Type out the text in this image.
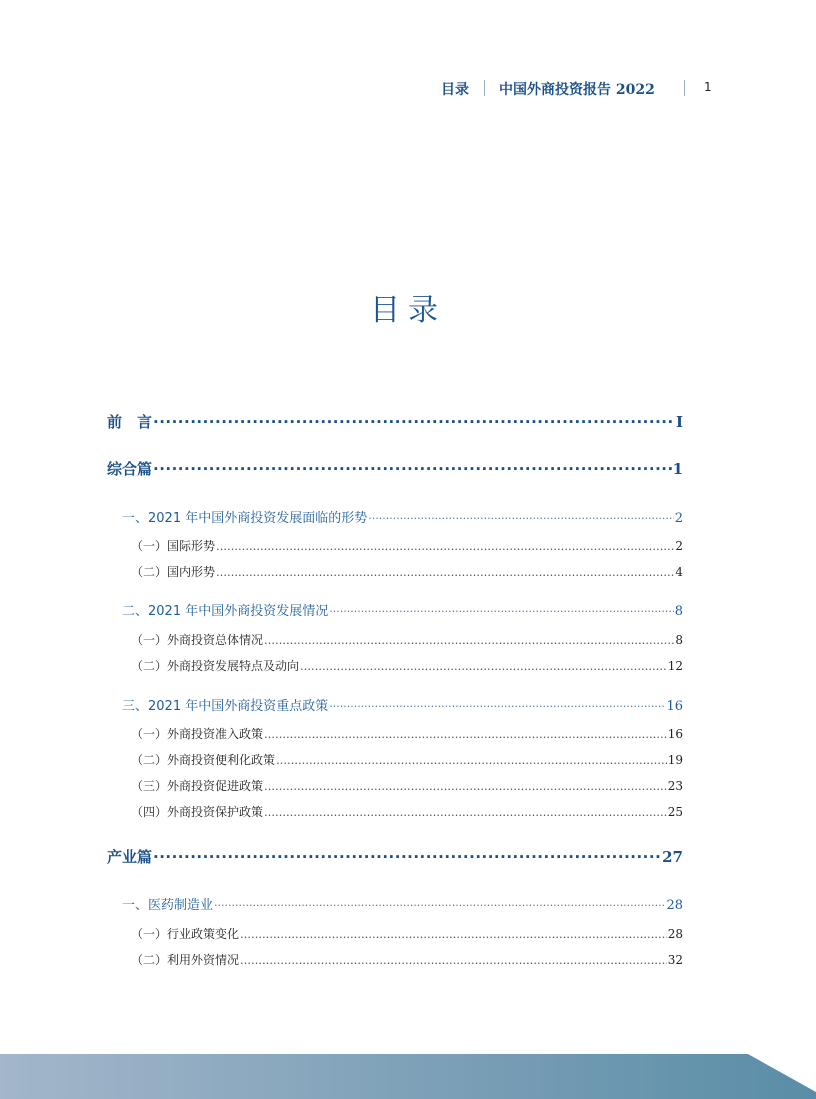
目录 中国外商投资报告 2022	1
目录
前　言 ·····	I
综合篇 ·····	1
一、2021 年中国外商投资发展面临的形势 ·····	2
（一）国际形势 ………………………………………………………………………………………………………………………………………………………………………………………………	2
（二）国内形势 ………………………………………………………………………………………………………………………………………………………………………………………………	4
二、2021 年中国外商投资发展情况 ·····	8
（一）外商投资总体情况 ………………………………………………………………………………………………………………………………………………………………………………………………	8
（二）外商投资发展特点及动向 ………………………………………………………………………………………………………………………………………………………………………………………………	12
三、2021 年中国外商投资重点政策 ·····	16
（一）外商投资准入政策 ………………………………………………………………………………………………………………………………………………………………………………………………	16
（二）外商投资便利化政策 ………………………………………………………………………………………………………………………………………………………………………………………………	19
（三）外商投资促进政策 ………………………………………………………………………………………………………………………………………………………………………………………………	23
（四）外商投资保护政策 ………………………………………………………………………………………………………………………………………………………………………………………………	25
产业篇 ·····	27
一、医药制造业 ·····	28
（一）行业政策变化 ………………………………………………………………………………………………………………………………………………………………………………………………	28
（二）利用外资情况 ………………………………………………………………………………………………………………………………………………………………………………………………	32
